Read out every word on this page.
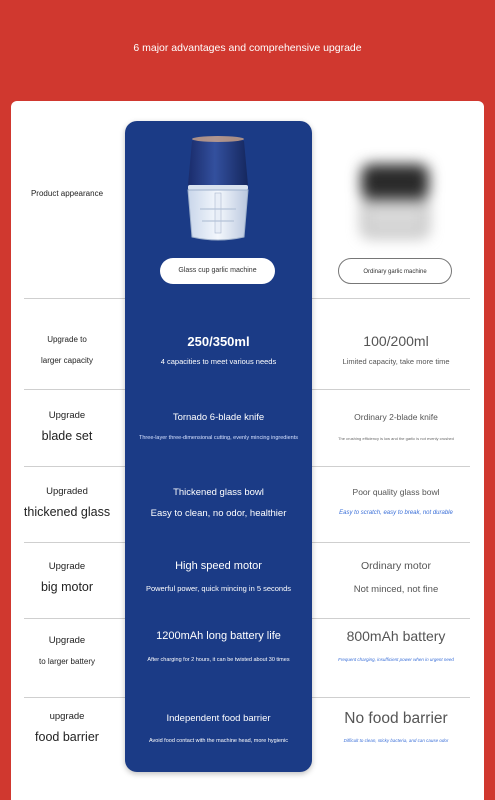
6 major advantages and comprehensive upgrade
Product appearance
Glass cup garlic machine	Ordinary garlic machine
Upgrade to
larger capacity
250/350ml
4 capacities to meet various needs
100/200ml
Limited capacity, take more time
Upgrade
blade set
Tornado 6-blade knife
Three-layer three-dimensional cutting, evenly mincing ingredients
Ordinary 2-blade knife
The crushing efficiency is low and the garlic is not evenly crushed
Upgraded
thickened glass
Thickened glass bowl
Easy to clean, no odor, healthier
Poor quality glass bowl
Easy to scratch, easy to break, not durable
Upgrade
big motor
High speed motor
Powerful power, quick mincing in 5 seconds
Ordinary motor
Not minced, not fine
Upgrade
to larger battery
1200mAh long battery life
After charging for 2 hours, it can be twisted about 30 times
800mAh battery
Frequent charging, insufficient power when in urgent need
upgrade
food barrier
Independent food barrier
Avoid food contact with the machine head, more hygienic
No food barrier
Difficult to clean, sticky bacteria, and can cause odor
